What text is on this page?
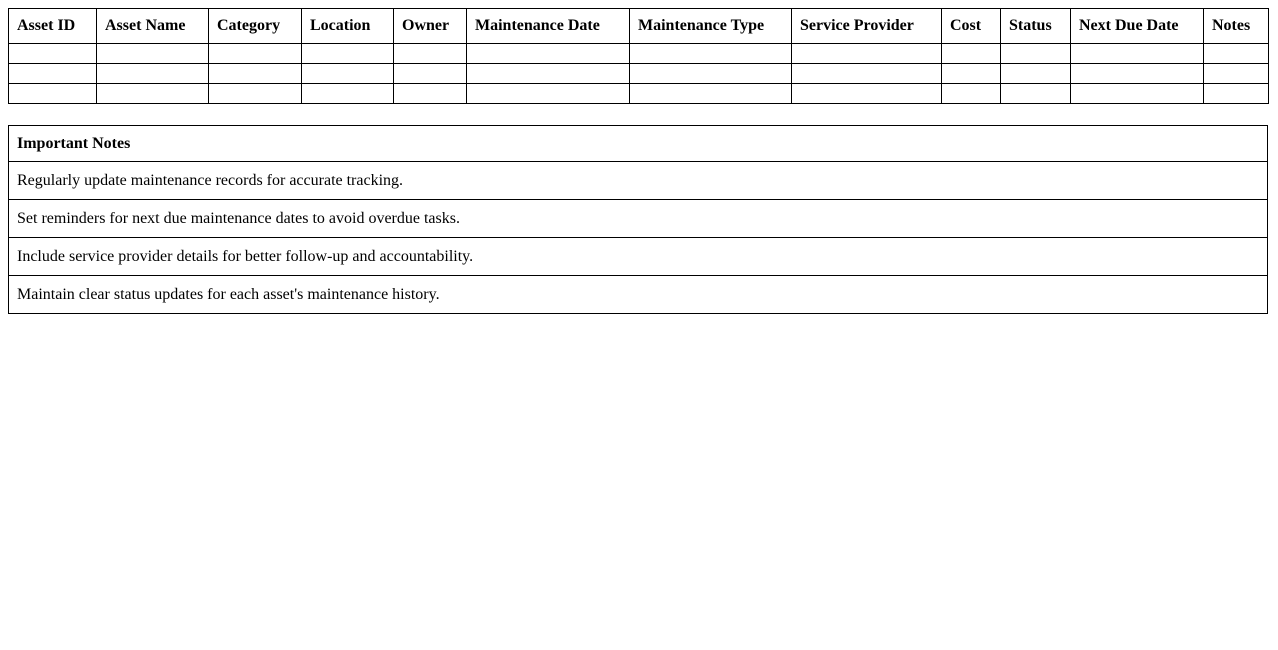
Asset ID	Asset Name	Category	Location	Owner	Maintenance Date	Maintenance Type	Service Provider	Cost	Status	Next Due Date	Notes

Important Notes
Regularly update maintenance records for accurate tracking.
Set reminders for next due maintenance dates to avoid overdue tasks.
Include service provider details for better follow-up and accountability.
Maintain clear status updates for each asset's maintenance history.
